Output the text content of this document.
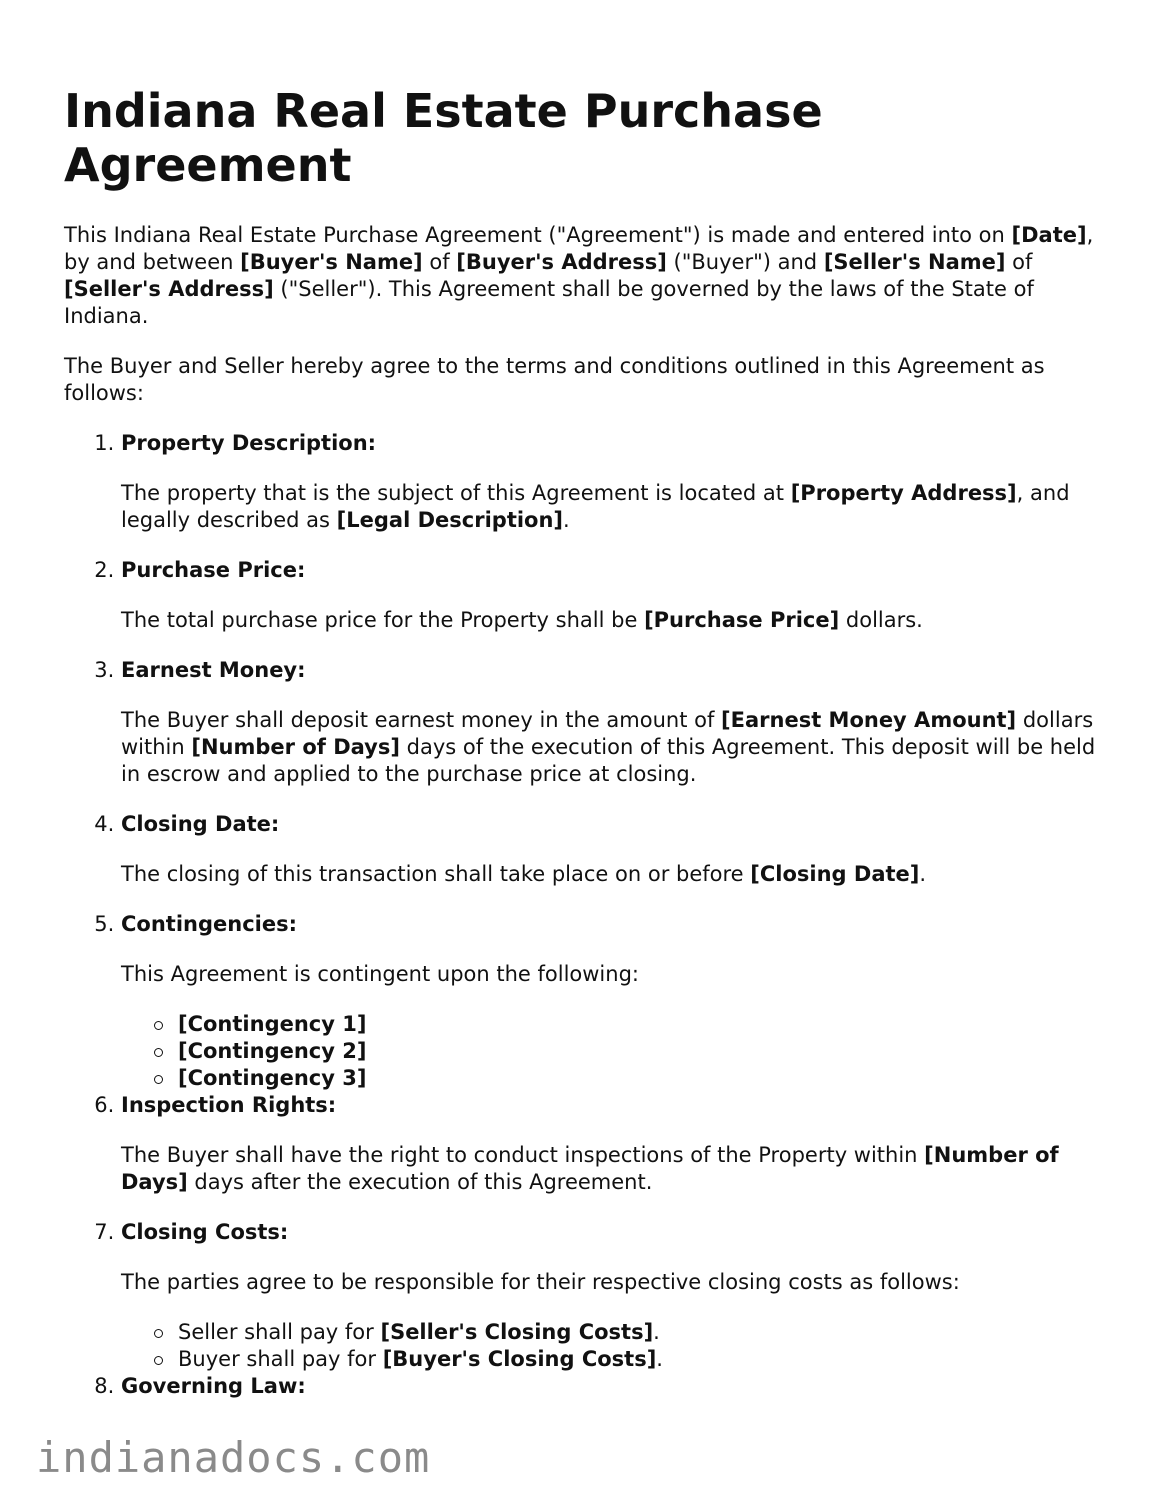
Indiana Real Estate Purchase Agreement

This Indiana Real Estate Purchase Agreement ("Agreement") is made and entered into on [Date], by and between [Buyer's Name] of [Buyer's Address] ("Buyer") and [Seller's Name] of [Seller's Address] ("Seller"). This Agreement shall be governed by the laws of the State of Indiana.

The Buyer and Seller hereby agree to the terms and conditions outlined in this Agreement as follows:

1. Property Description:
The property that is the subject of this Agreement is located at [Property Address], and legally described as [Legal Description].
2. Purchase Price:
The total purchase price for the Property shall be [Purchase Price] dollars.
3. Earnest Money:
The Buyer shall deposit earnest money in the amount of [Earnest Money Amount] dollars within [Number of Days] days of the execution of this Agreement. This deposit will be held in escrow and applied to the purchase price at closing.
4. Closing Date:
The closing of this transaction shall take place on or before [Closing Date].
5. Contingencies:
This Agreement is contingent upon the following:
[Contingency 1]
[Contingency 2]
[Contingency 3]
6. Inspection Rights:
The Buyer shall have the right to conduct inspections of the Property within [Number of Days] days after the execution of this Agreement.
7. Closing Costs:
The parties agree to be responsible for their respective closing costs as follows:
Seller shall pay for [Seller's Closing Costs].
Buyer shall pay for [Buyer's Closing Costs].
8. Governing Law:
indianadocs.com
